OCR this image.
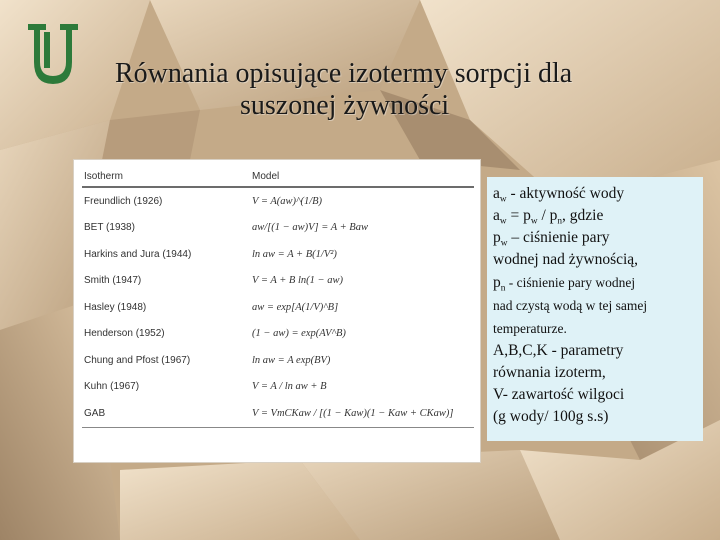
Równania opisujące izotermy sorpcji dla
suszonej żywności
Isotherm	Model
Freundlich (1926)	V = A(aw)^(1/B)
BET (1938)	aw/[(1 − aw)V] = A + Baw
Harkins and Jura (1944)	ln aw = A + B(1/V²)
Smith (1947)	V = A + B ln(1 − aw)
Hasley (1948)	aw = exp[A(1/V)^B]
Henderson (1952)	(1 − aw) = exp(AV^B)
Chung and Pfost (1967)	ln aw = A exp(BV)
Kuhn (1967)	V = A / ln aw + B
GAB	V = VmCKaw / [(1 − Kaw)(1 − Kaw + CKaw)]
$a_w$ - aktywność wody
$a_w = p_w / p_n$, gdzie
$p_w$ – ciśnienie pary
wodnej nad żywnością,
$p_n$ - ciśnienie pary wodnej
nad czystą wodą w tej samej
temperaturze.
A,B,C,K - parametry
równania izoterm,
V- zawartość wilgoci
(g wody/ 100g s.s)
